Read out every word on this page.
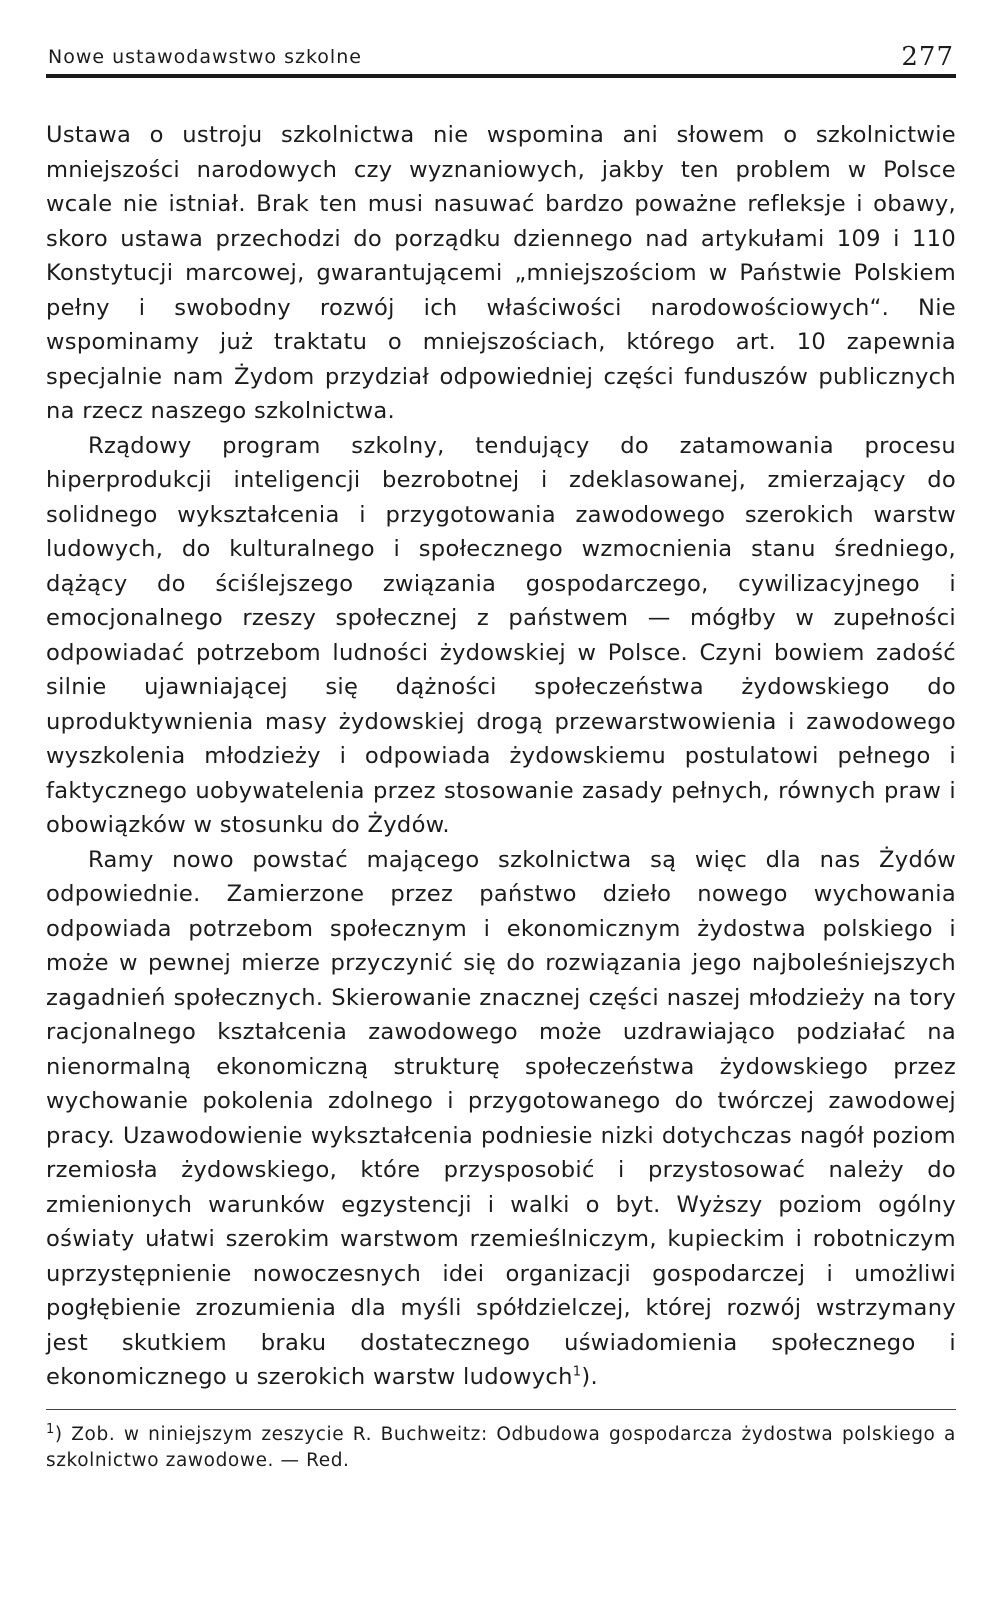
Nowe ustawodawstwo szkolne	277

Ustawa o ustroju szkolnictwa nie wspomina ani słowem o szkolnictwie mniejszości narodowych czy wyznaniowych, jakby ten problem w Polsce wcale nie istniał. Brak ten musi nasuwać bardzo poważne refleksje i obawy, skoro ustawa przechodzi do porządku dziennego nad artykułami 109 i 110 Konstytucji marcowej, gwarantującemi „mniejszościom w Państwie Polskiem pełny i swobodny rozwój ich właściwości narodowościowych“. Nie wspominamy już traktatu o mniejszościach, którego art. 10 zapewnia specjalnie nam Żydom przydział odpowiedniej części funduszów publicznych na rzecz naszego szkolnictwa.

Rządowy program szkolny, tendujący do zatamowania procesu hiperprodukcji inteligencji bezrobotnej i zdeklasowanej, zmierzający do solidnego wykształcenia i przygotowania zawodowego szerokich warstw ludowych, do kulturalnego i społecznego wzmocnienia stanu średniego, dążący do ściślejszego związania gospodarczego, cywilizacyjnego i emocjonalnego rzeszy społecznej z państwem — mógłby w zupełności odpowiadać potrzebom ludności żydowskiej w Polsce. Czyni bowiem zadość silnie ujawniającej się dążności społeczeństwa żydowskiego do uproduktywnienia masy żydowskiej drogą przewarstwowienia i zawodowego wyszkolenia młodzieży i odpowiada żydowskiemu postulatowi pełnego i faktycznego uobywatelenia przez stosowanie zasady pełnych, równych praw i obowiązków w stosunku do Żydów.

Ramy nowo powstać mającego szkolnictwa są więc dla nas Żydów odpowiednie. Zamierzone przez państwo dzieło nowego wychowania odpowiada potrzebom społecznym i ekonomicznym żydostwa polskiego i może w pewnej mierze przyczynić się do rozwiązania jego najboleśniejszych zagadnień społecznych. Skierowanie znacznej części naszej młodzieży na tory racjonalnego kształcenia zawodowego może uzdrawiająco podziałać na nienormalną ekonomiczną strukturę społeczeństwa żydowskiego przez wychowanie pokolenia zdolnego i przygotowanego do twórczej zawodowej pracy. Uzawodowienie wykształcenia podniesie nizki dotychczas nagół poziom rzemiosła żydowskiego, które przysposobić i przystosować należy do zmienionych warunków egzystencji i walki o byt. Wyższy poziom ogólny oświaty ułatwi szerokim warstwom rzemieślniczym, kupieckim i robotniczym uprzystępnienie nowoczesnych idei organizacji gospodarczej i umożliwi pogłębienie zrozumienia dla myśli spółdzielczej, której rozwój wstrzymany jest skutkiem braku dostatecznego uświadomienia społecznego i ekonomicznego u szerokich warstw ludowych$^1$).

$^1$) Zob. w niniejszym zeszycie R. Buchweitz: Odbudowa gospodarcza żydostwa polskiego a szkolnictwo zawodowe. — Red.
